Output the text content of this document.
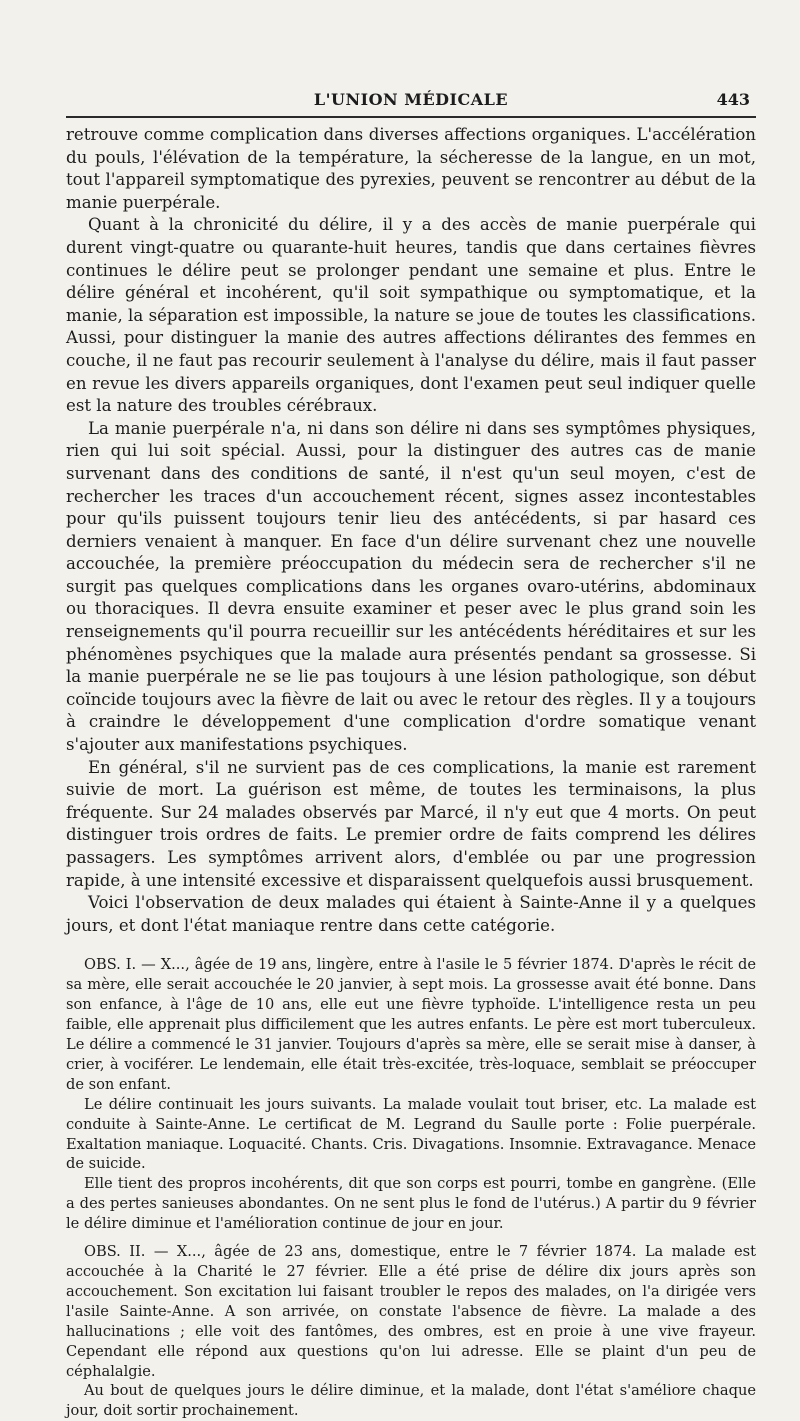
L'UNION MÉDICALE	443

retrouve comme complication dans diverses affections organiques. L'accélération du pouls, l'élévation de la température, la sécheresse de la langue, en un mot, tout l'appareil symptomatique des pyrexies, peuvent se rencontrer au début de la manie puerpérale.

Quant à la chronicité du délire, il y a des accès de manie puerpérale qui durent vingt-quatre ou quarante-huit heures, tandis que dans certaines fièvres continues le délire peut se prolonger pendant une semaine et plus. Entre le délire général et incohérent, qu'il soit sympathique ou symptomatique, et la manie, la séparation est impossible, la nature se joue de toutes les classifications. Aussi, pour distinguer la manie des autres affections délirantes des femmes en couche, il ne faut pas recourir seulement à l'analyse du délire, mais il faut passer en revue les divers appareils organiques, dont l'examen peut seul indiquer quelle est la nature des troubles cérébraux.

La manie puerpérale n'a, ni dans son délire ni dans ses symptômes physiques, rien qui lui soit spécial. Aussi, pour la distinguer des autres cas de manie survenant dans des conditions de santé, il n'est qu'un seul moyen, c'est de rechercher les traces d'un accouchement récent, signes assez incontestables pour qu'ils puissent toujours tenir lieu des antécédents, si par hasard ces derniers venaient à manquer. En face d'un délire survenant chez une nouvelle accouchée, la première préoccupation du médecin sera de rechercher s'il ne surgit pas quelques complications dans les organes ovaro-utérins, abdominaux ou thoraciques. Il devra ensuite examiner et peser avec le plus grand soin les renseignements qu'il pourra recueillir sur les antécédents héréditaires et sur les phénomènes psychiques que la malade aura présentés pendant sa grossesse. Si la manie puerpérale ne se lie pas toujours à une lésion pathologique, son début coïncide toujours avec la fièvre de lait ou avec le retour des règles. Il y a toujours à craindre le développement d'une complication d'ordre somatique venant s'ajouter aux manifestations psychiques.

En général, s'il ne survient pas de ces complications, la manie est rarement suivie de mort. La guérison est même, de toutes les terminaisons, la plus fréquente. Sur 24 malades observés par Marcé, il n'y eut que 4 morts. On peut distinguer trois ordres de faits. Le premier ordre de faits comprend les délires passagers. Les symptômes arrivent alors, d'emblée ou par une progression rapide, à une intensité excessive et disparaissent quelquefois aussi brusquement.

Voici l'observation de deux malades qui étaient à Sainte-Anne il y a quelques jours, et dont l'état maniaque rentre dans cette catégorie.

OBS. I. — X..., âgée de 19 ans, lingère, entre à l'asile le 5 février 1874. D'après le récit de sa mère, elle serait accouchée le 20 janvier, à sept mois. La grossesse avait été bonne. Dans son enfance, à l'âge de 10 ans, elle eut une fièvre typhoïde. L'intelligence resta un peu faible, elle apprenait plus difficilement que les autres enfants. Le père est mort tuberculeux. Le délire a commencé le 31 janvier. Toujours d'après sa mère, elle se serait mise à danser, à crier, à vociférer. Le lendemain, elle était très-excitée, très-loquace, semblait se préoccuper de son enfant.

Le délire continuait les jours suivants. La malade voulait tout briser, etc. La malade est conduite à Sainte-Anne. Le certificat de M. Legrand du Saulle porte : Folie puerpérale. Exaltation maniaque. Loquacité. Chants. Cris. Divagations. Insomnie. Extravagance. Menace de suicide.

Elle tient des propros incohérents, dit que son corps est pourri, tombe en gangrène. (Elle a des pertes sanieuses abondantes. On ne sent plus le fond de l'utérus.) A partir du 9 février le délire diminue et l'amélioration continue de jour en jour.

OBS. II. — X..., âgée de 23 ans, domestique, entre le 7 février 1874. La malade est accouchée à la Charité le 27 février. Elle a été prise de délire dix jours après son accouchement. Son excitation lui faisant troubler le repos des malades, on l'a dirigée vers l'asile Sainte-Anne. A son arrivée, on constate l'absence de fièvre. La malade a des hallucinations ; elle voit des fantômes, des ombres, est en proie à une vive frayeur. Cependant elle répond aux questions qu'on lui adresse. Elle se plaint d'un peu de céphalalgie.

Au bout de quelques jours le délire diminue, et la malade, dont l'état s'améliore chaque jour, doit sortir prochainement.
